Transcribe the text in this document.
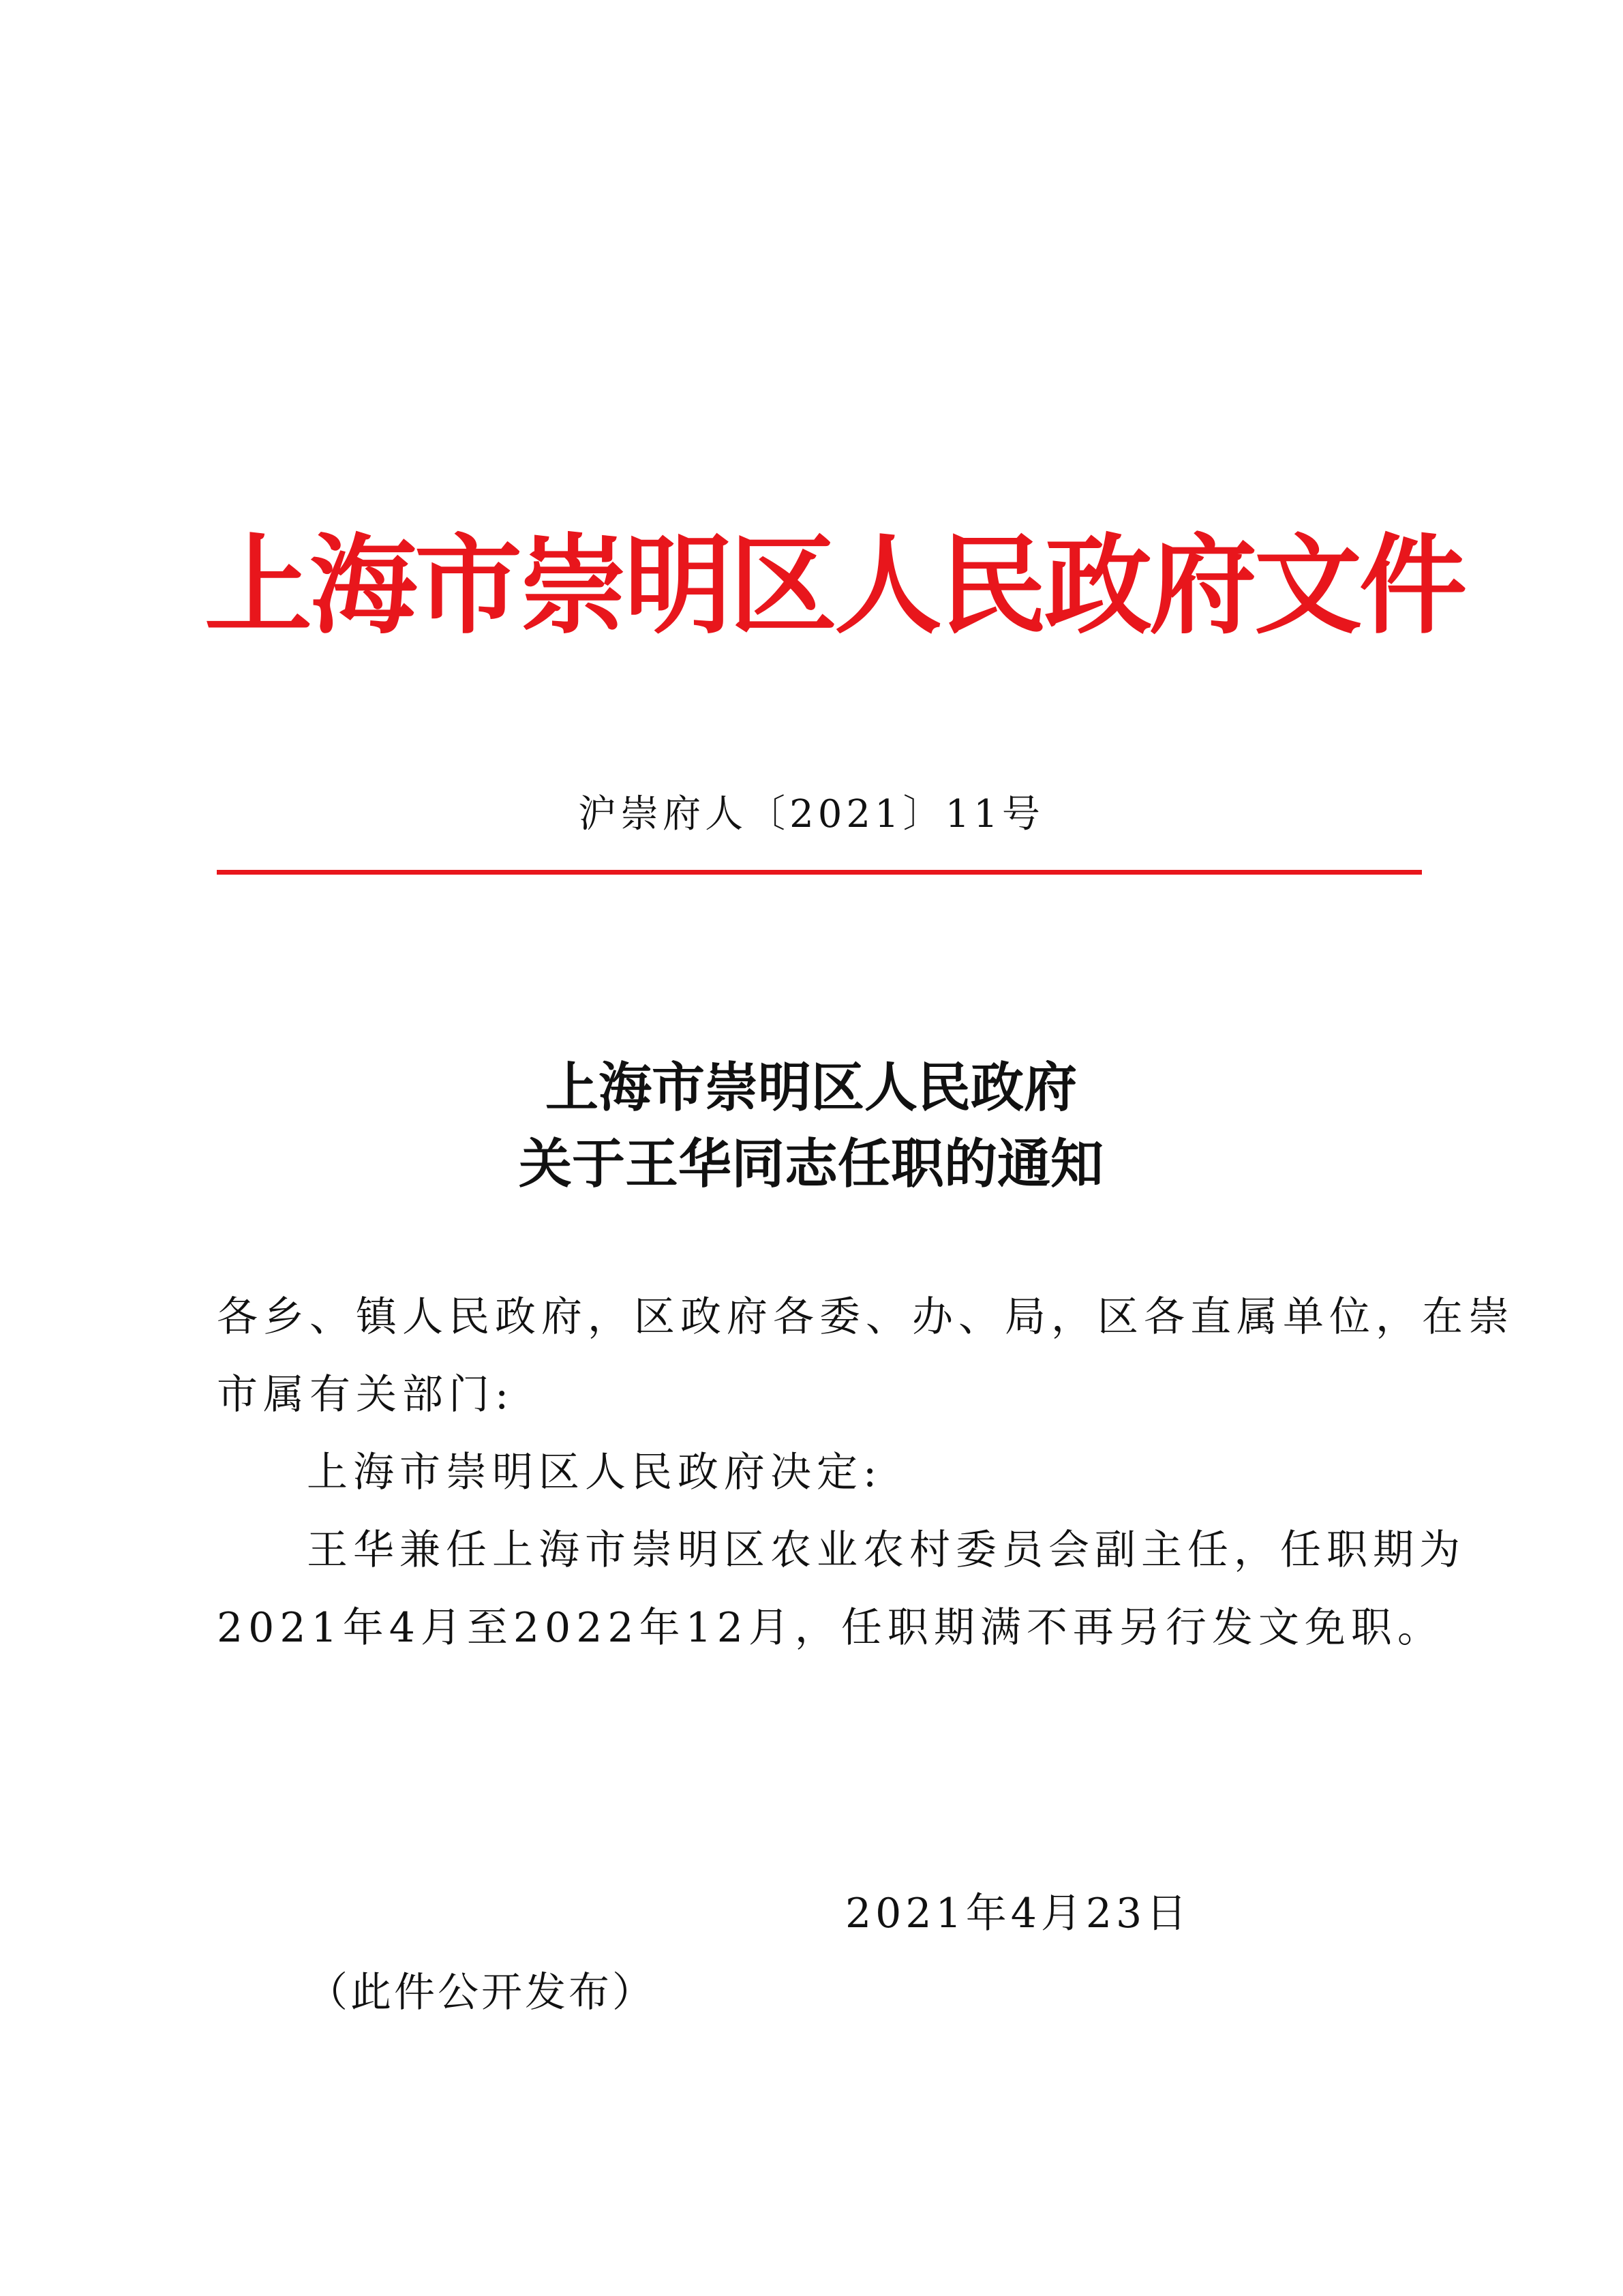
上海市崇明区人民政府文件
沪崇府人〔2021〕11号
上海市崇明区人民政府
关于王华同志任职的通知
各乡、镇人民政府，区政府各委、办、局，区各直属单位，在崇
市属有关部门:
上海市崇明区人民政府决定:
王华兼任上海市崇明区农业农村委员会副主任，任职期为
2021年4月至2022年12月，任职期满不再另行发文免职。
2021年4月23日
（此件公开发布）
